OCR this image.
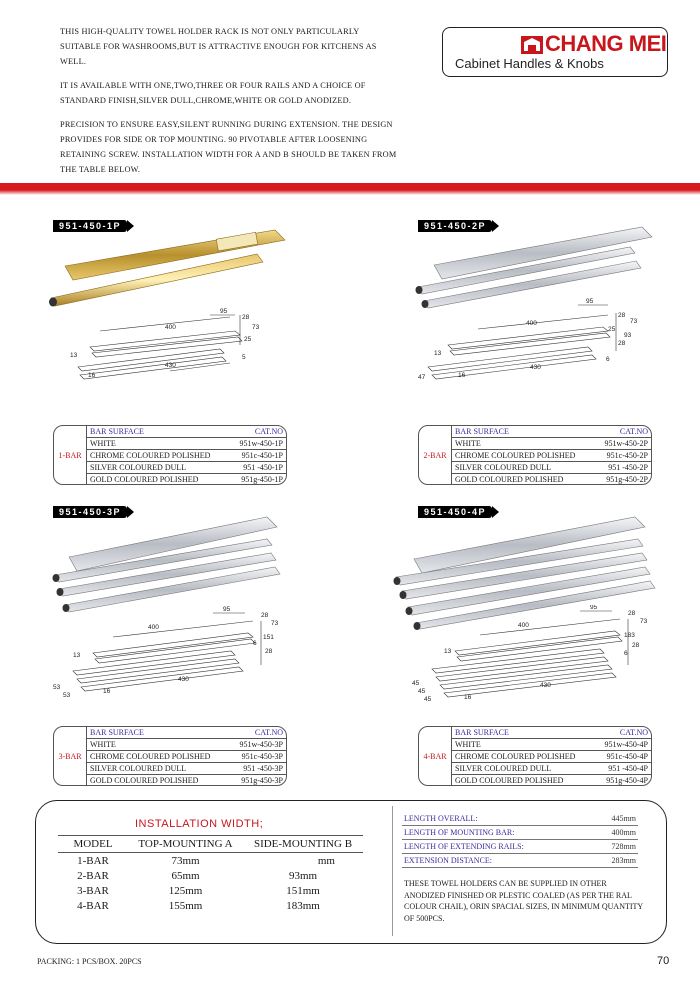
THIS HIGH-QUALITY TOWEL HOLDER RACK IS NOT ONLY PARTICULARLY SUITABLE FOR WASHROOMS,BUT IS ATTRACTIVE ENOUGH FOR KITCHENS AS WELL.

IT IS AVAILABLE WITH ONE,TWO,THREE OR FOUR RAILS AND A CHOICE OF STANDARD FINISH,SILVER DULL,CHROME,WHITE OR GOLD ANODIZED.

PRECISION TO ENSURE EASY,SILENT RUNNING DURING EXTENSION. THE DESIGN PROVIDES FOR SIDE OR TOP MOUNTING. 90 PIVOTABLE AFTER LOOSENING RETAINING SCREW. INSTALLATION WIDTH FOR A AND B SHOULD BE TAKEN FROM THE TABLE BELOW.

CHANG MEI
Cabinet Handles & Knobs
951-450-1P	951-450-2P
951-450-3P	951-450-4P
95
400
28
73
25
13	5
430
16
95
400
28
73
25
93
28
13
6
430
47	16
95
400
28
73
151
6
28
13
430
53
53
16
95
400
28
73
183
28
6
13
430
45
45
45	16
1-BAR
BAR SURFACE	CAT.NO
WHITE	951w-450-1P
CHROME COLOURED POLISHED	951c-450-1P
SILVER COLOURED DULL	951 -450-1P
GOLD COLOURED POLISHED	951g-450-1P
2-BAR
BAR SURFACE	CAT.NO
WHITE	951w-450-2P
CHROME COLOURED POLISHED	951c-450-2P
SILVER COLOURED DULL	951 -450-2P
GOLD COLOURED POLISHED	951g-450-2P
3-BAR
BAR SURFACE	CAT.NO
WHITE	951w-450-3P
CHROME COLOURED POLISHED	951c-450-3P
SILVER COLOURED DULL	951 -450-3P
GOLD COLOURED POLISHED	951g-450-3P
4-BAR
BAR SURFACE	CAT.NO
WHITE	951w-450-4P
CHROME COLOURED POLISHED	951c-450-4P
SILVER COLOURED DULL	951 -450-4P
GOLD COLOURED POLISHED	951g-450-4P
INSTALLATION WIDTH;
MODEL	TOP-MOUNTING A	SIDE-MOUNTING B
1-BAR	73mm	mm
2-BAR	65mm	93mm
3-BAR	125mm	151mm
4-BAR	155mm	183mm
LENGTH OVERALL:	445mm
LENGTH OF MOUNTING BAR:	400mm
LENGTH OF EXTENDING RAILS:	728mm
EXTENSION DISTANCE:	283mm
THESE TOWEL HOLDERS CAN BE SUPPLIED IN OTHER ANODIZED FINISHED OR PLESTIC COALED (AS PER THE RAL COLOUR CHAIL), ORIN SPACIAL SIZES, IN MINIMUM QUANTITY OF 500PCS.
PACKING: 1 PCS/BOX. 20PCS	70
